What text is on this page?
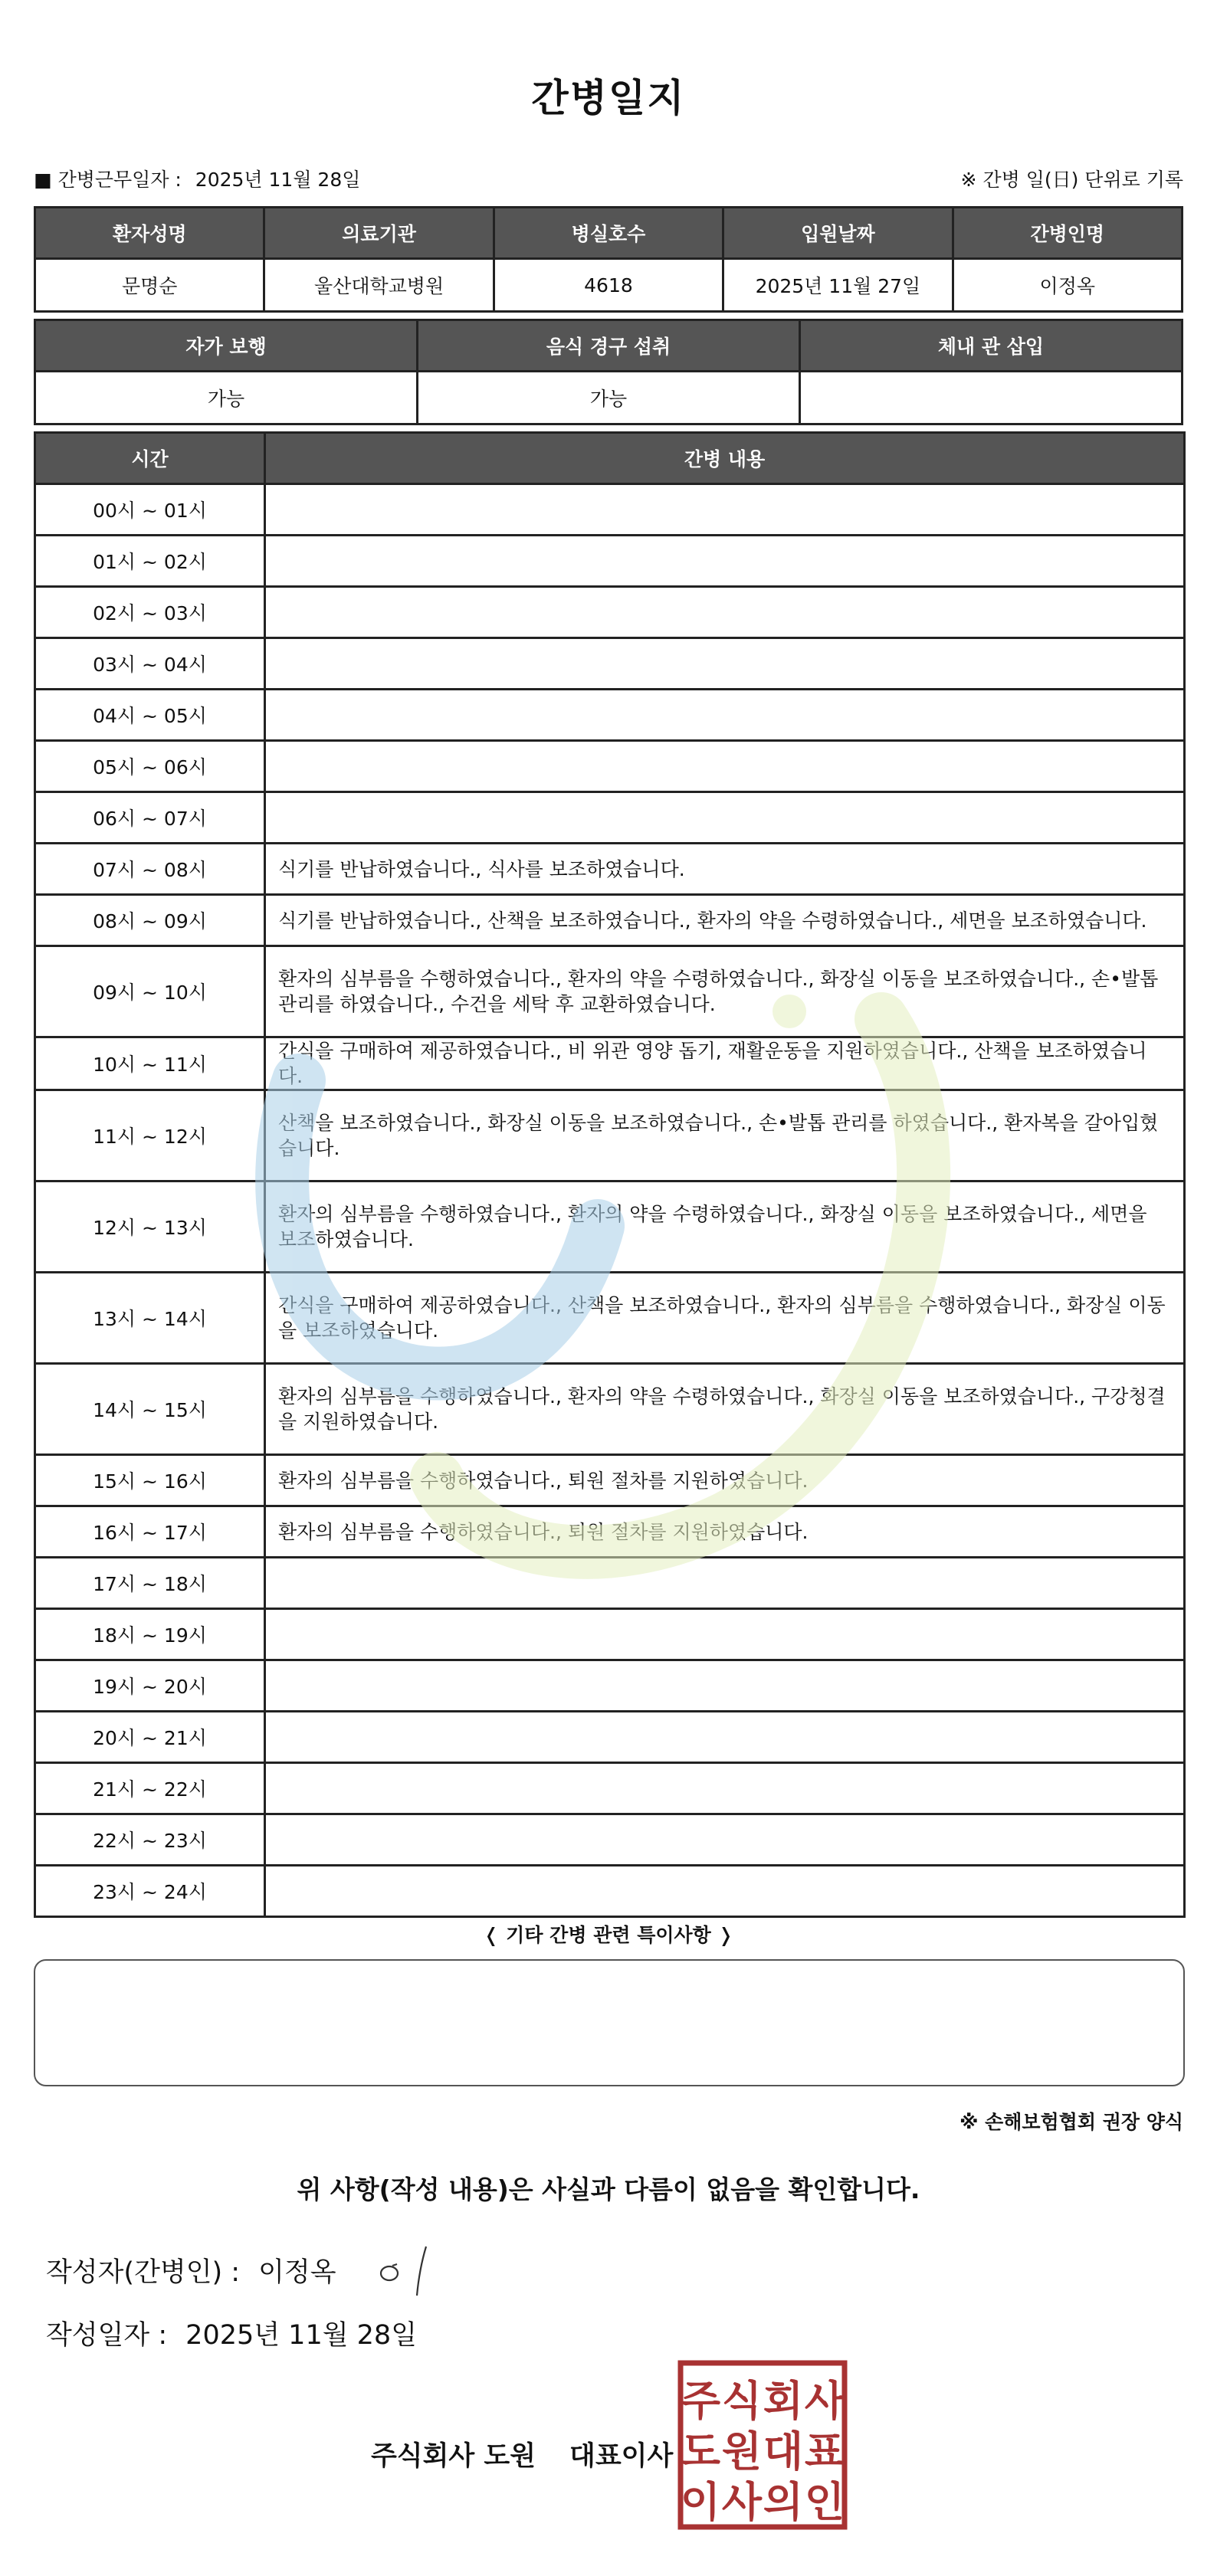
간병일지
■ 간병근무일자 : 2025년 11월 28일	※ 간병 일(日) 단위로 기록
환자성명	의료기관	병실호수	입원날짜	간병인명
문명순	울산대학교병원	4618	2025년 11월 27일	이정옥
자가 보행	음식 경구 섭취	체내 관 삽입
가능	가능	
시간	간병 내용
00시 ~ 01시	
01시 ~ 02시	
02시 ~ 03시	
03시 ~ 04시	
04시 ~ 05시	
05시 ~ 06시	
06시 ~ 07시	
07시 ~ 08시	식기를 반납하였습니다., 식사를 보조하였습니다.
08시 ~ 09시	식기를 반납하였습니다., 산책을 보조하였습니다., 환자의 약을 수령하였습니다., 세면을 보조하였습니다.
09시 ~ 10시	환자의 심부름을 수행하였습니다., 환자의 약을 수령하였습니다., 화장실 이동을 보조하였습니다., 손•발톱 관리를 하였습니다., 수건을 세탁 후 교환하였습니다.
10시 ~ 11시	간식을 구매하여 제공하였습니다., 비 위관 영양 돕기, 재활운동을 지원하였습니다., 산책을 보조하였습니다.
11시 ~ 12시	산책을 보조하였습니다., 화장실 이동을 보조하였습니다., 손•발톱 관리를 하였습니다., 환자복을 갈아입혔습니다.
12시 ~ 13시	환자의 심부름을 수행하였습니다., 환자의 약을 수령하였습니다., 화장실 이동을 보조하였습니다., 세면을 보조하였습니다.
13시 ~ 14시	간식을 구매하여 제공하였습니다., 산책을 보조하였습니다., 환자의 심부름을 수행하였습니다., 화장실 이동을 보조하였습니다.
14시 ~ 15시	환자의 심부름을 수행하였습니다., 환자의 약을 수령하였습니다., 화장실 이동을 보조하였습니다., 구강청결을 지원하였습니다.
15시 ~ 16시	환자의 심부름을 수행하였습니다., 퇴원 절차를 지원하였습니다.
16시 ~ 17시	환자의 심부름을 수행하였습니다., 퇴원 절차를 지원하였습니다.
17시 ~ 18시	
18시 ~ 19시	
19시 ~ 20시	
20시 ~ 21시	
21시 ~ 22시	
22시 ~ 23시	
23시 ~ 24시	
❬ 기타 간병 관련 특이사항 ❭
※ 손해보험협회 권장 양식
위 사항(작성 내용)은 사실과 다름이 없음을 확인합니다.
작성자(간병인) : 이정옥
작성일자 : 2025년 11월 28일
주식회사 도원 대표이사
주 식 회 사
도 원 대 표
이 사 의 인
